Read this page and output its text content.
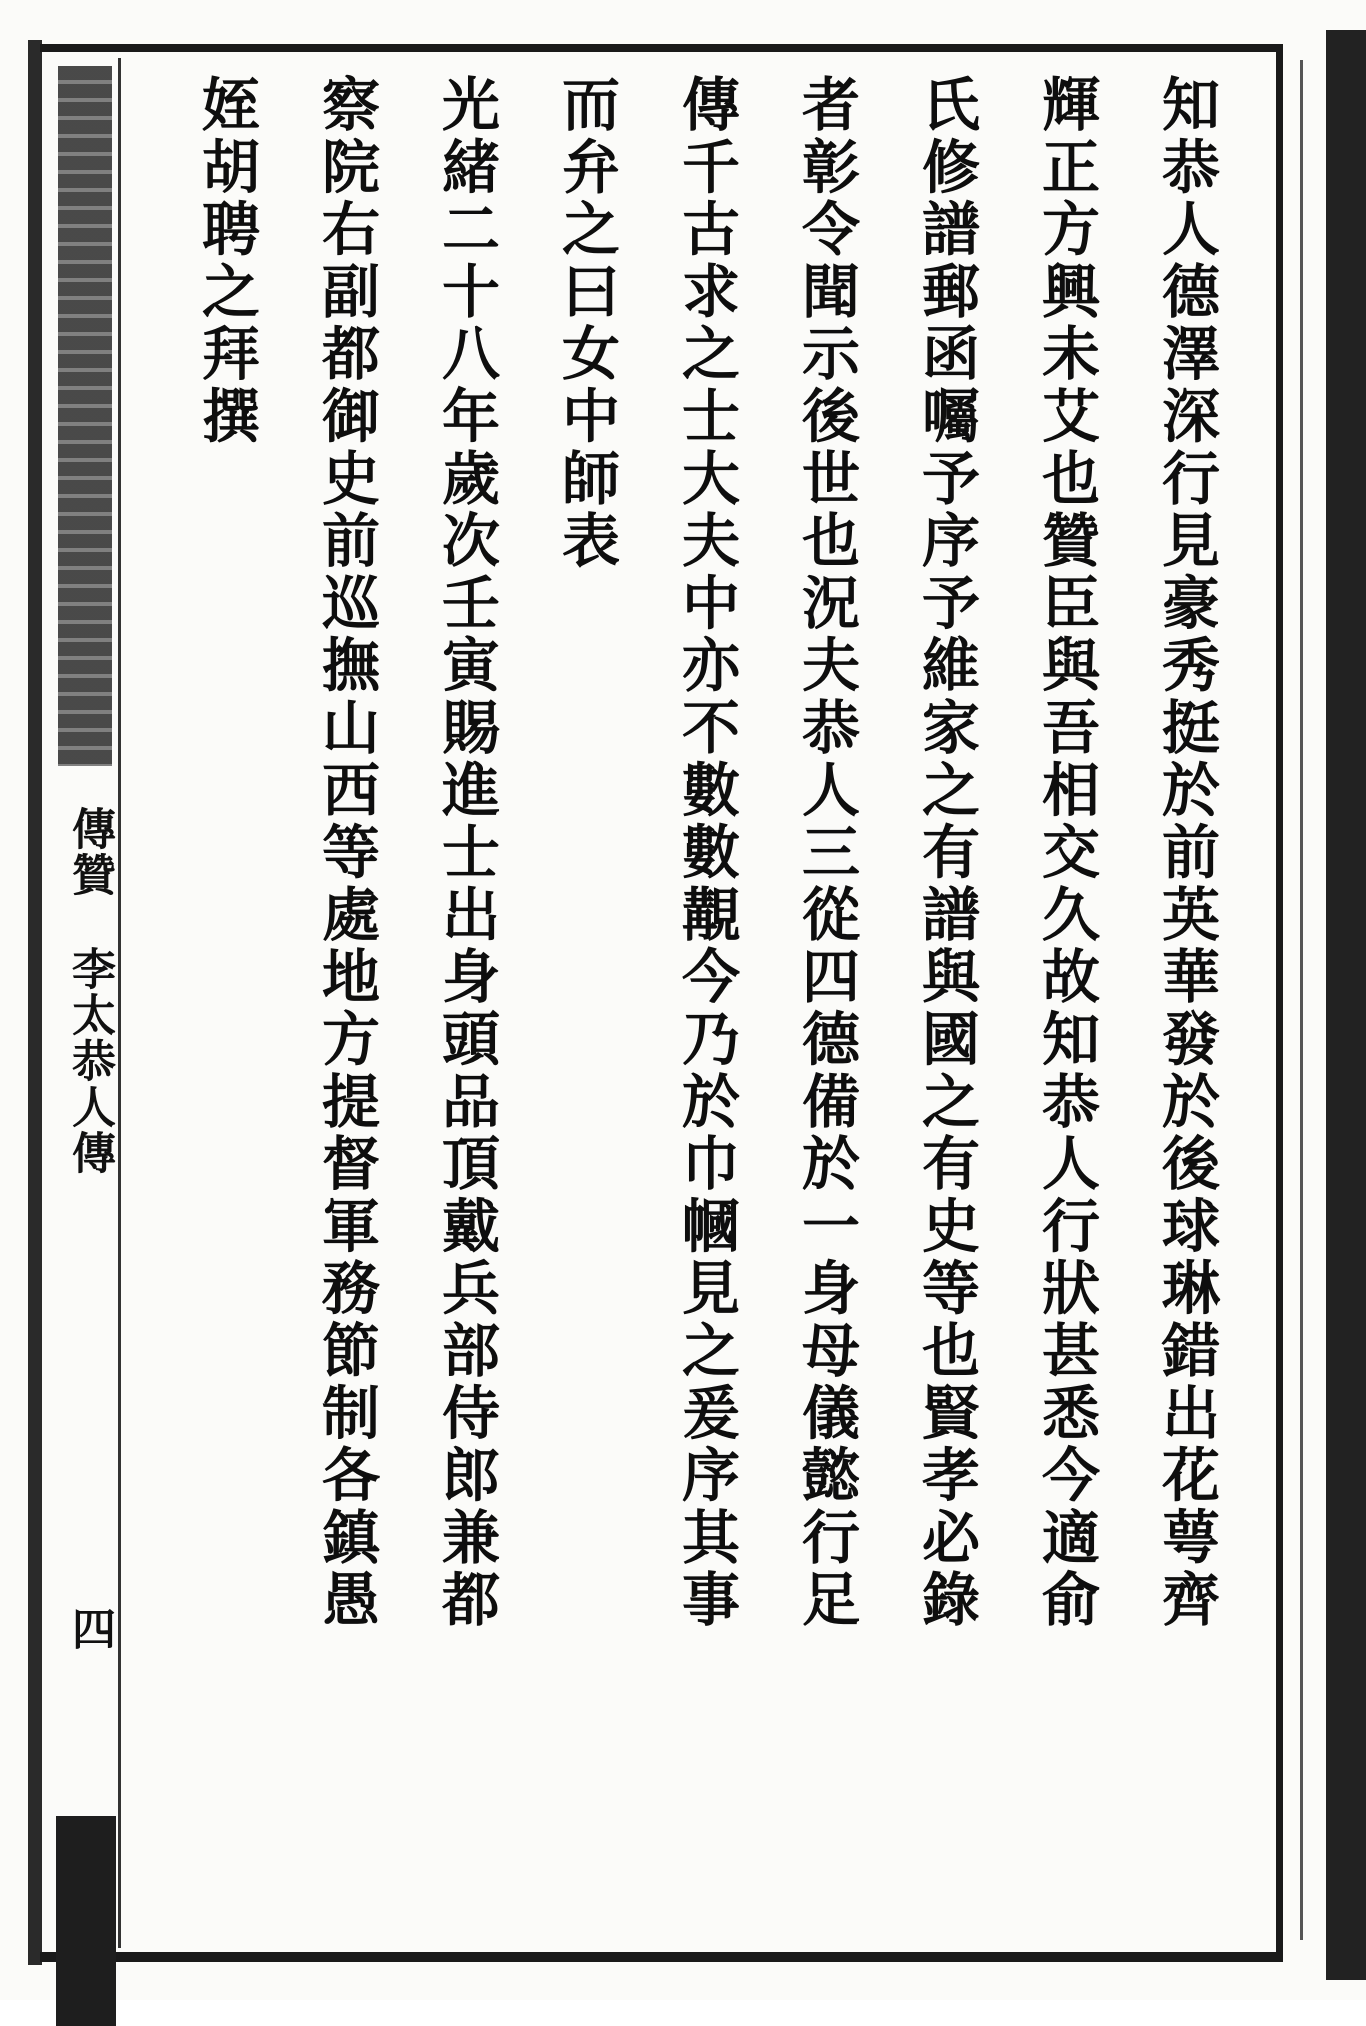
傳贊
李太恭人傳
四	知恭人德澤深行見豪秀挺於前英華發於後球琳錯出花萼齊
輝正方興未艾也贊臣與吾相交久故知恭人行狀甚悉今適俞
氏修譜郵函囑予序予維家之有譜與國之有史等也賢孝必錄
者彰令聞示後世也況夫恭人三從四德備於一身母儀懿行足
傳千古求之士大夫中亦不數數覯今乃於巾幗見之爰序其事
而弁之曰女中師表
光緒二十八年歲次壬寅賜進士出身頭品頂戴兵部侍郎兼都
察院右副都御史前巡撫山西等處地方提督軍務節制各鎮愚
姪胡聘之拜撰
